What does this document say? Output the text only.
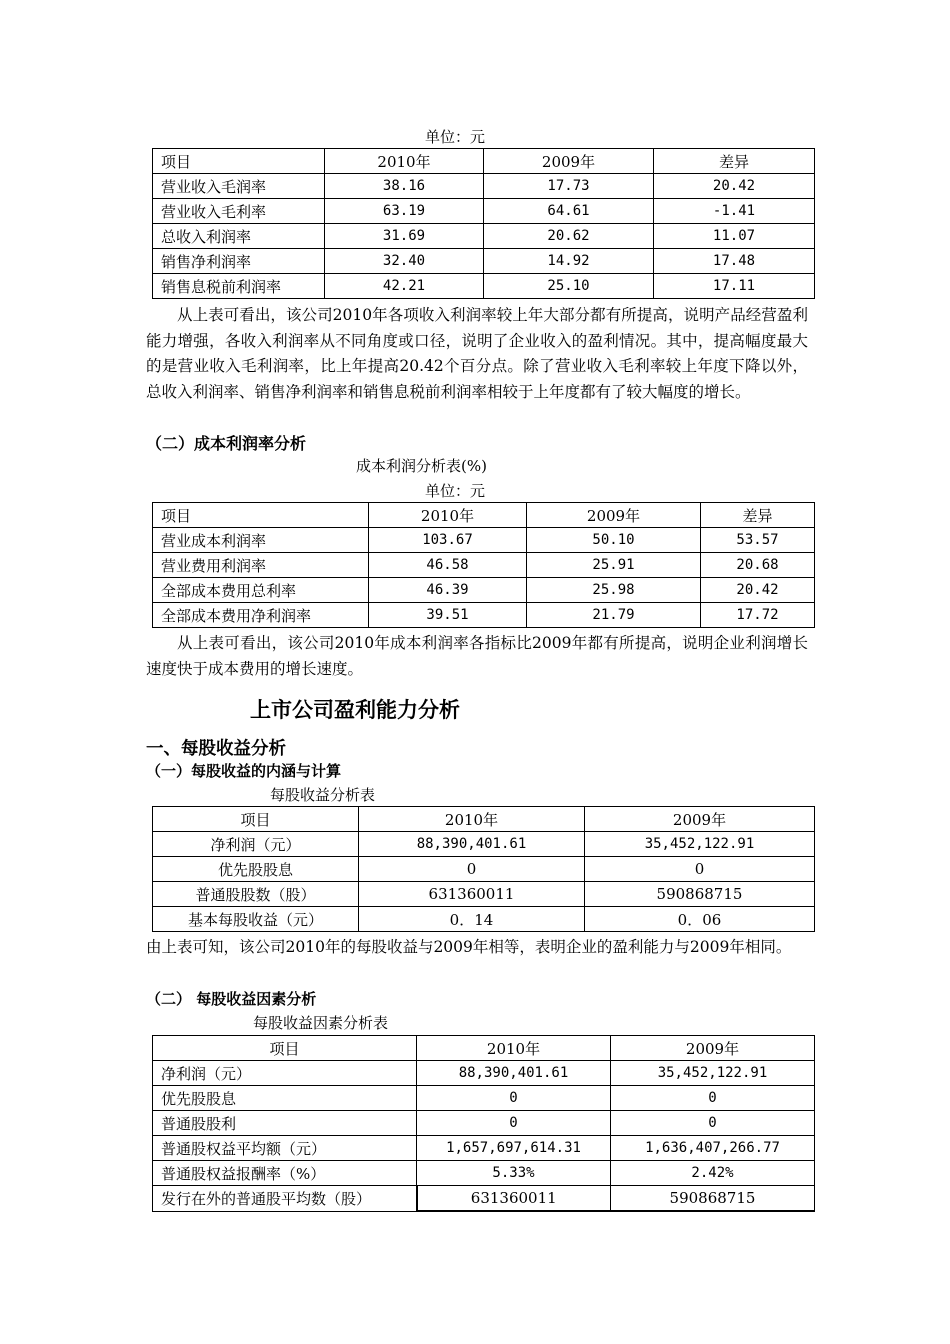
单位：元
项目	2010年	2009年	差异
营业收入毛润率	38.16	17.73	20.42
营业收入毛利率	63.19	64.61	-1.41
总收入利润率	31.69	20.62	11.07
销售净利润率	32.40	14.92	17.48
销售息税前利润率	42.21	25.10	17.11
从上表可看出，该公司2010年各项收入利润率较上年大部分都有所提高，说明产品经营盈利能力增强，各收入利润率从不同角度或口径，说明了企业收入的盈利情况。其中，提高幅度最大的是营业收入毛利润率，比上年提高20.42个百分点。除了营业收入毛利率较上年度下降以外，总收入利润率、销售净利润率和销售息税前利润率相较于上年度都有了较大幅度的增长。
（二）成本利润率分析
成本利润分析表(%)
单位：元
项目	2010年	2009年	差异
营业成本利润率	103.67	50.10	53.57
营业费用利润率	46.58	25.91	20.68
全部成本费用总利率	46.39	25.98	20.42
全部成本费用净利润率	39.51	21.79	17.72
从上表可看出，该公司2010年成本利润率各指标比2009年都有所提高，说明企业利润增长速度快于成本费用的增长速度。
上市公司盈利能力分析
一、每股收益分析
（一）每股收益的内涵与计算
每股收益分析表
项目	2010年	2009年
净利润（元）	88,390,401.61	35,452,122.91
优先股股息	0	0
普通股股数（股）	631360011	590868715
基本每股收益（元）	0．14	0．06
由上表可知，该公司2010年的每股收益与2009年相等，表明企业的盈利能力与2009年相同。
（二） 每股收益因素分析
每股收益因素分析表
项目	2010年	2009年
净利润（元）	88,390,401.61	35,452,122.91
优先股股息	0	0
普通股股利	0	0
普通股权益平均额（元）	1,657,697,614.31	1,636,407,266.77
普通股权益报酬率（%）	5.33%	2.42%
发行在外的普通股平均数（股）	631360011	590868715
